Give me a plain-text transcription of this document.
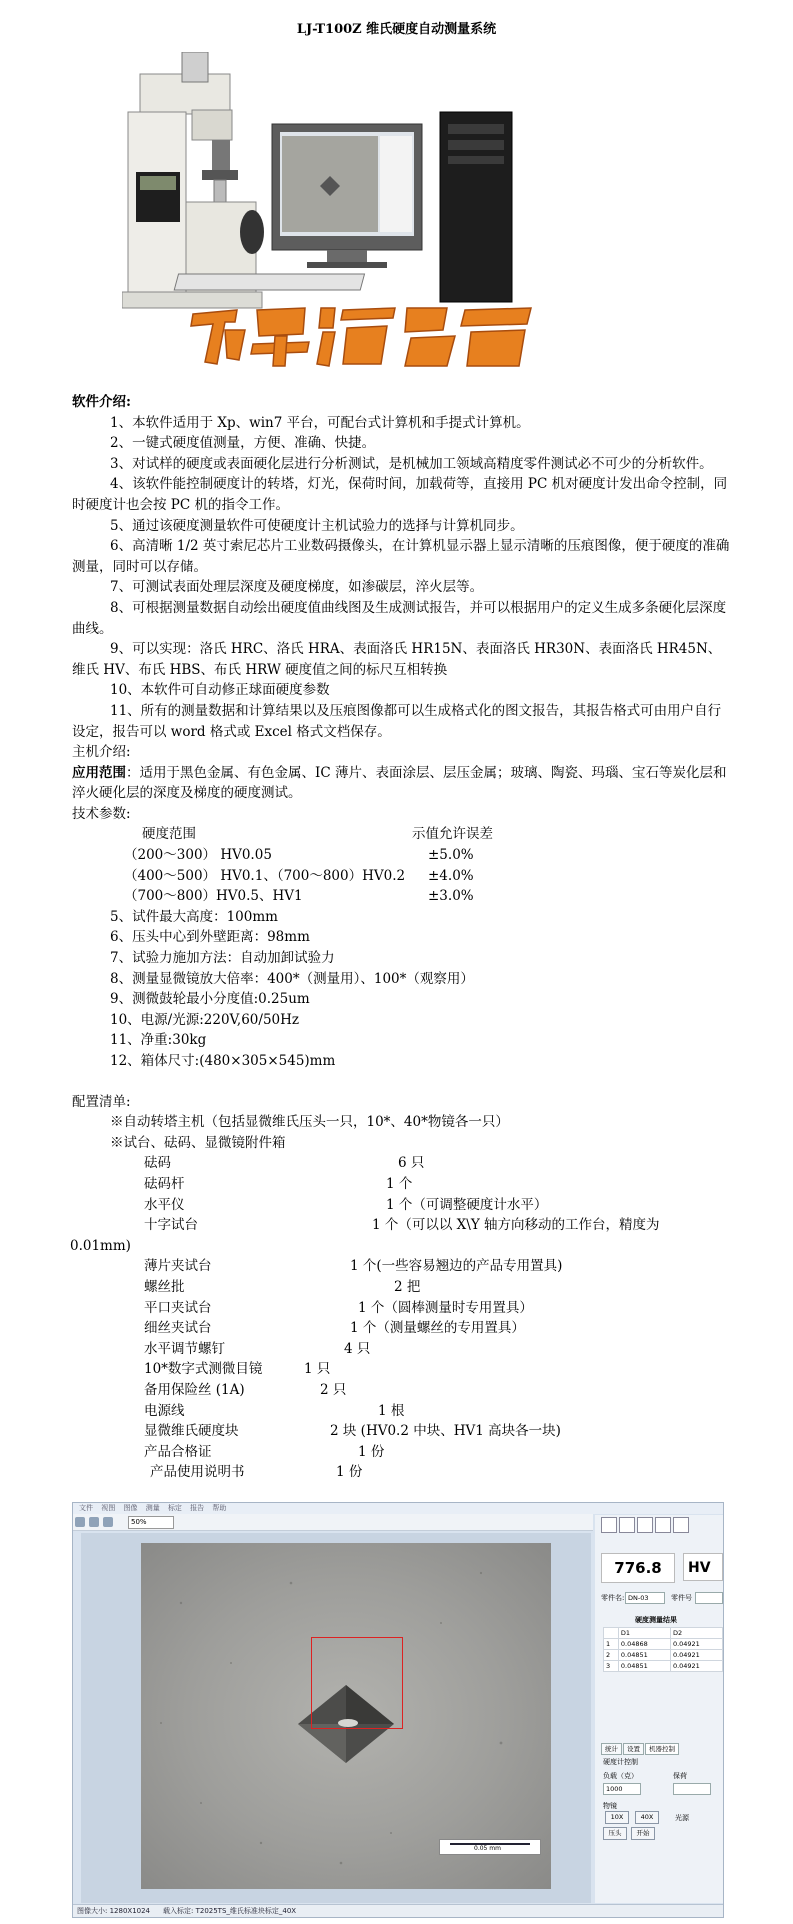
LJ-T100Z 维氏硬度自动测量系统

软件介绍:

1、本软件适用于 Xp、win7 平台，可配台式计算机和手提式计算机。

2、一键式硬度值测量，方便、准确、快捷。

3、对试样的硬度或表面硬化层进行分析测试，是机械加工领域高精度零件测试必不可少的分析软件。

4、该软件能控制硬度计的转塔，灯光，保荷时间，加载荷等，直接用 PC 机对硬度计发出命令控制，同时硬度计也会按 PC 机的指令工作。

5、通过该硬度测量软件可使硬度计主机试验力的选择与计算机同步。

6、高清晰 1/2 英寸索尼芯片工业数码摄像头，在计算机显示器上显示清晰的压痕图像，便于硬度的准确测量，同时可以存储。

7、可测试表面处理层深度及硬度梯度，如渗碳层，淬火层等。

8、可根据测量数据自动绘出硬度值曲线图及生成测试报告，并可以根据用户的定义生成多条硬化层深度曲线。

9、可以实现：洛氏 HRC、洛氏 HRA、表面洛氏 HR15N、表面洛氏 HR30N、表面洛氏 HR45N、维氏 HV、布氏 HBS、布氏 HRW 硬度值之间的标尺互相转换

10、本软件可自动修正球面硬度参数

11、所有的测量数据和计算结果以及压痕图像都可以生成格式化的图文报告，其报告格式可由用户自行设定，报告可以 word 格式或 Excel 格式文档保存。

主机介绍:

应用范围：适用于黑色金属、有色金属、IC 薄片、表面涂层、层压金属；玻璃、陶瓷、玛瑙、宝石等炭化层和淬火硬化层的深度及梯度的硬度测试。

技术参数:

硬度范围	示值允许误差
（200～300） HV0.05	±5.0%
（400～500） HV0.1、（700～800）HV0.2 ±4.0%
（700～800）HV0.5、HV1	±3.0%

5、试件最大高度：100mm

6、压头中心到外壁距离：98mm

7、试验力施加方法：自动加卸试验力

8、测量显微镜放大倍率：400*（测量用）、100*（观察用）

9、测微鼓轮最小分度值:0.25um

10、电源/光源:220V,60/50Hz

11、净重:30kg

12、箱体尺寸:(480×305×545)mm

配置清单:

※自动转塔主机（包括显微维氏压头一只，10*、40*物镜各一只）

※试台、砝码、显微镜附件箱

砝码	6 只
砝码杆	1 个
水平仪	1 个（可调整硬度计水平）
十字试台	1 个（可以以 X\Y 轴方向移动的工作台，精度为
0.01mm)
薄片夹试台	1 个(一些容易翘边的产品专用置具)
螺丝批	2 把
平口夹试台	1 个（圆棒测量时专用置具）
细丝夹试台	1 个（测量螺丝的专用置具）
水平调节螺钉	4 只
10*数字式测微目镜	1 只
备用保险丝 (1A)	2 只
电源线	1 根
显微维氏硬度块	2 块 (HV0.2 中块、HV1 高块各一块)
产品合格证	1 份
产品使用说明书	1 份
文件 视图 图像 测量 标定 报告 帮助
50%
0.05 mm
776.8	HV
零件名: DN-03	零件号
硬度测量结果
	D1	D2
1	0.04868	0.04921
2	0.04851	0.04921
3	0.04851	0.04921
统计	设置	机器控制
硬度计控制
负载（克）	保荷
1000
物镜
10X	40X	光源
压头	开始
图像大小: 1280X1024 载入标定: T2025TS_维氏标准块标定_40X
